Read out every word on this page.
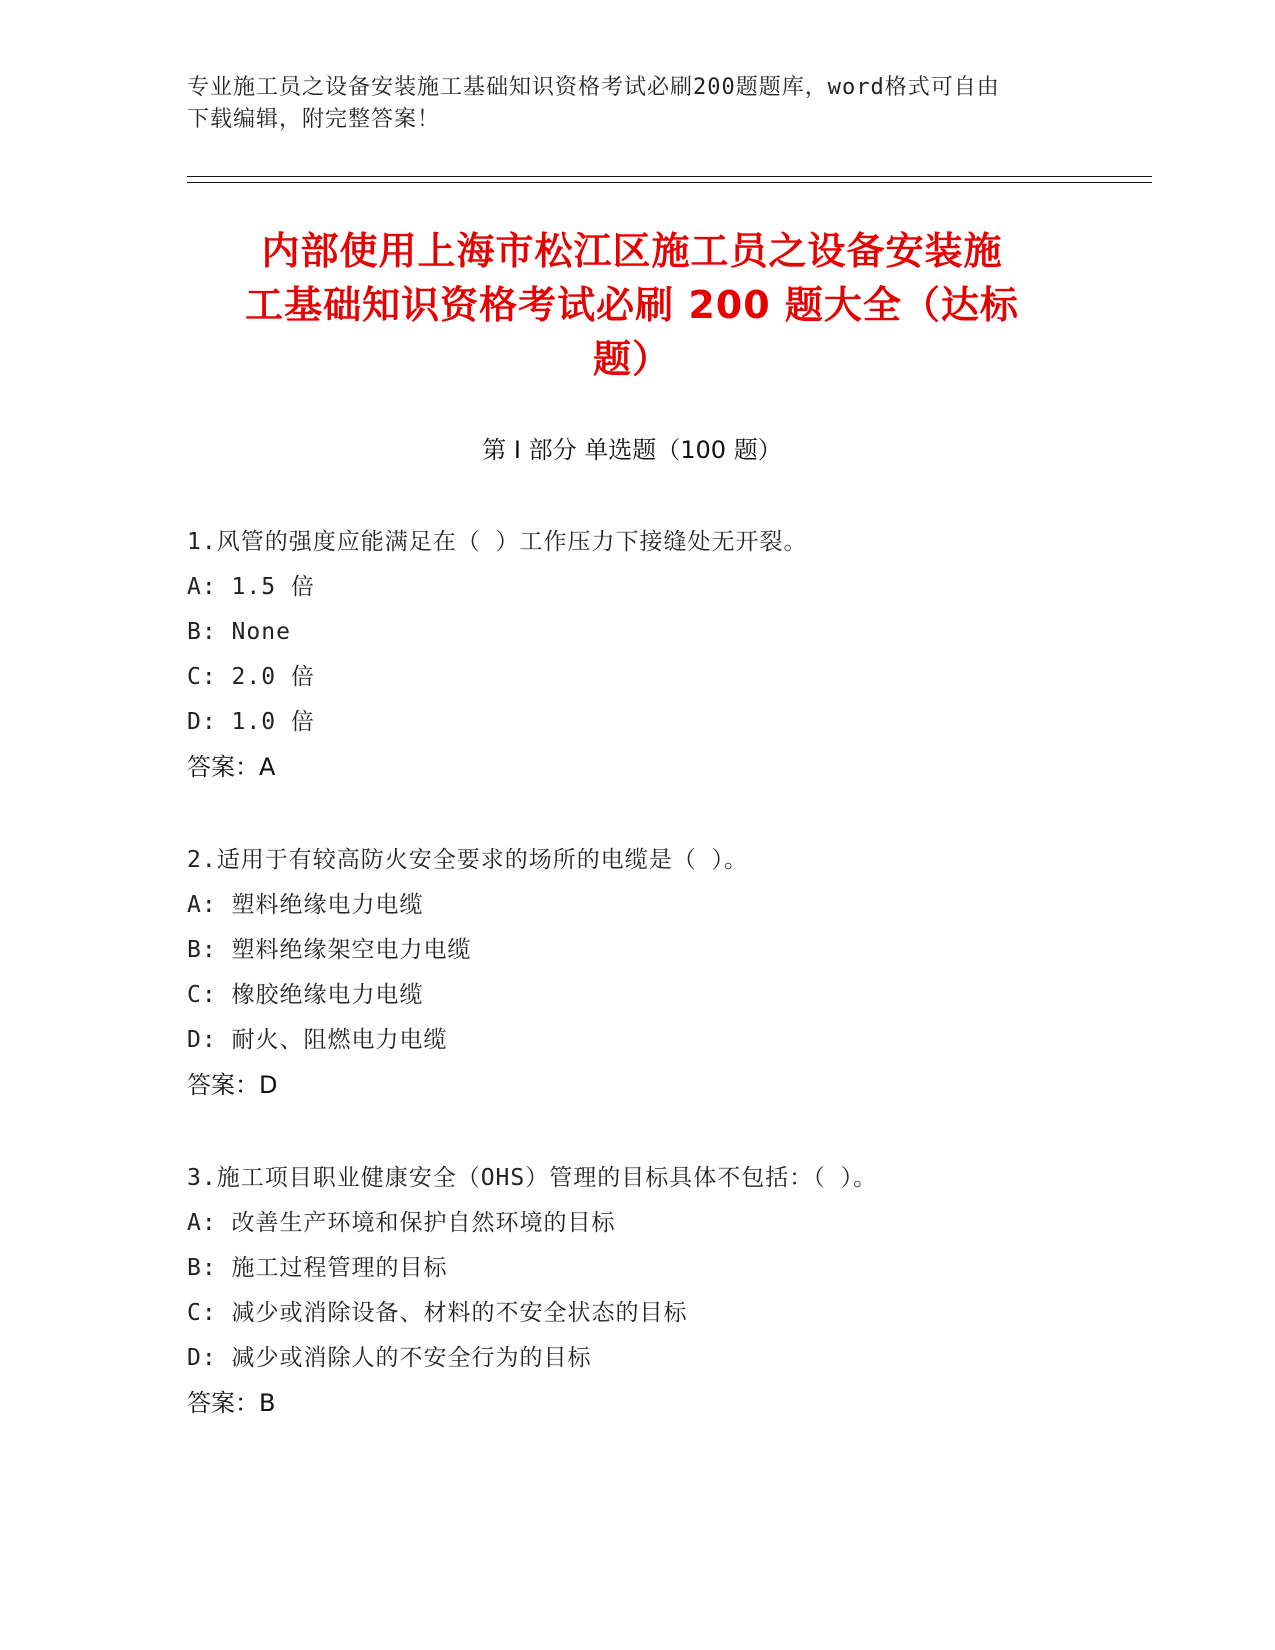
专业施工员之设备安装施工基础知识资格考试必刷200题题库，word格式可自由
下载编辑，附完整答案！
内部使用上海市松江区施工员之设备安装施
工基础知识资格考试必刷 200 题大全（达标
题）
第 I 部分 单选题（100 题）
1.风管的强度应能满足在（ ）工作压力下接缝处无开裂。
A: 1.5 倍
B: None
C: 2.0 倍
D: 1.0 倍
答案：A
2.适用于有较高防火安全要求的场所的电缆是（ ）。
A: 塑料绝缘电力电缆
B: 塑料绝缘架空电力电缆
C: 橡胶绝缘电力电缆
D: 耐火、阻燃电力电缆
答案：D
3.施工项目职业健康安全（OHS）管理的目标具体不包括：（ ）。
A: 改善生产环境和保护自然环境的目标
B: 施工过程管理的目标
C: 减少或消除设备、材料的不安全状态的目标
D: 减少或消除人的不安全行为的目标
答案：B
